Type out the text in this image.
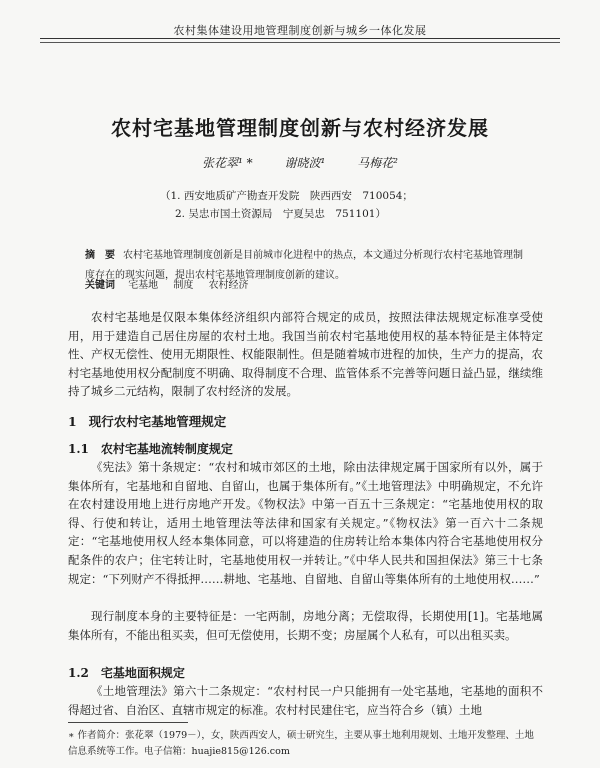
农村集体建设用地管理制度创新与城乡一体化发展
农村宅基地管理制度创新与农村经济发展
张花翠¹ *	谢晓波¹	马梅花²
（1. 西安地质矿产勘查开发院　陕西西安　710054；
2. 吴忠市国土资源局　宁夏吴忠　751101）
摘　要 农村宅基地管理制度创新是目前城市化进程中的热点，本文通过分析现行农村宅基地管理制度存在的现实问题，提出农村宅基地管理制度创新的建议。
关键词 宅基地 制度 农村经济
农村宅基地是仅限本集体经济组织内部符合规定的成员，按照法律法规规定标准享受使用，用于建造自己居住房屋的农村土地。我国当前农村宅基地使用权的基本特征是主体特定性、产权无偿性、使用无期限性、权能限制性。但是随着城市进程的加快，生产力的提高，农村宅基地使用权分配制度不明确、取得制度不合理、监管体系不完善等问题日益凸显，继续维持了城乡二元结构，限制了农村经济的发展。
1 现行农村宅基地管理规定
1.1 农村宅基地流转制度规定
《宪法》第十条规定：“农村和城市郊区的土地，除由法律规定属于国家所有以外，属于集体所有，宅基地和自留地、自留山，也属于集体所有。”《土地管理法》中明确规定，不允许在农村建设用地上进行房地产开发。《物权法》中第一百五十三条规定：“宅基地使用权的取得、行使和转让，适用土地管理法等法律和国家有关规定。”《物权法》第一百六十二条规定：“宅基地使用权人经本集体同意，可以将建造的住房转让给本集体内符合宅基地使用权分配条件的农户；住宅转让时，宅基地使用权一并转让。”《中华人民共和国担保法》第三十七条规定：“下列财产不得抵押……耕地、宅基地、自留地、自留山等集体所有的土地使用权……”
现行制度本身的主要特征是：一宅两制，房地分离；无偿取得，长期使用[1]。宅基地属集体所有，不能出租买卖，但可无偿使用，长期不变；房屋属个人私有，可以出租买卖。
1.2 宅基地面积规定
《土地管理法》第六十二条规定：“农村村民一户只能拥有一处宅基地，宅基地的面积不得超过省、自治区、直辖市规定的标准。农村村民建住宅，应当符合乡（镇）土地
∗ 作者简介：张花翠（1979－），女，陕西西安人，硕士研究生，主要从事土地利用规划、土地开发整理、土地信息系统等工作。电子信箱：huajie815@126.com
